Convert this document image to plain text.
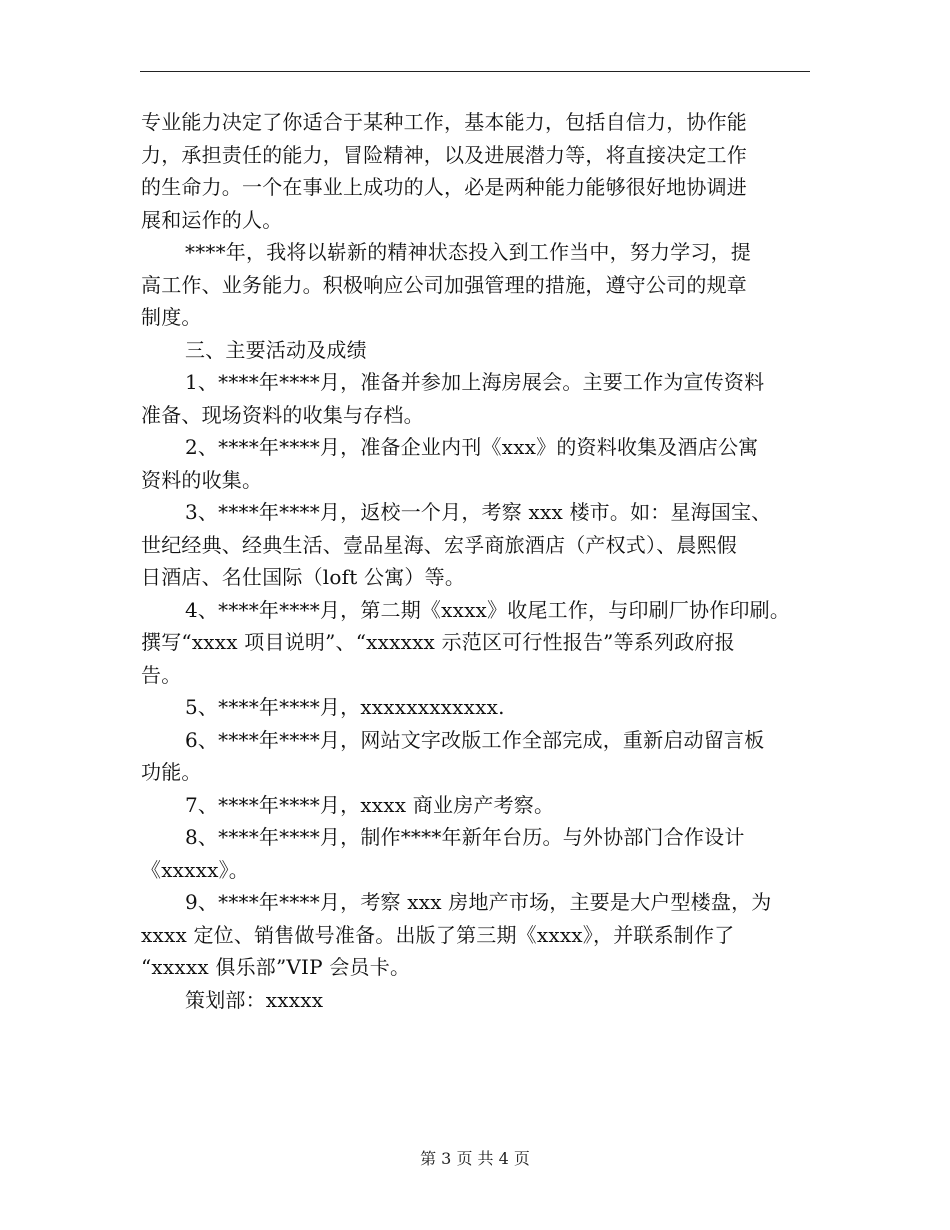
专业能力决定了你适合于某种工作，基本能力，包括自信力，协作能
力，承担责任的能力，冒险精神，以及进展潜力等，将直接决定工作
的生命力。一个在事业上成功的人，必是两种能力能够很好地协调进
展和运作的人。
****年，我将以崭新的精神状态投入到工作当中，努力学习，提
高工作、业务能力。积极响应公司加强管理的措施，遵守公司的规章
制度。
三、主要活动及成绩
1、****年****月，准备并参加上海房展会。主要工作为宣传资料
准备、现场资料的收集与存档。
2、****年****月，准备企业内刊《xxx》的资料收集及酒店公寓
资料的收集。
3、****年****月，返校一个月，考察 xxx 楼市。如：星海国宝、
世纪经典、经典生活、壹品星海、宏孚商旅酒店（产权式）、晨熙假
日酒店、名仕国际（loft 公寓）等。
4、****年****月，第二期《xxxx》收尾工作，与印刷厂协作印刷。
撰写“xxxx 项目说明”、“xxxxxx 示范区可行性报告”等系列政府报
告。
5、****年****月，xxxxxxxxxxxx.
6、****年****月，网站文字改版工作全部完成，重新启动留言板
功能。
7、****年****月，xxxx 商业房产考察。
8、****年****月，制作****年新年台历。与外协部门合作设计
《xxxxx》。
9、****年****月，考察 xxx 房地产市场，主要是大户型楼盘，为
xxxx 定位、销售做号准备。出版了第三期《xxxx》，并联系制作了
“xxxxx 俱乐部”VIP 会员卡。
策划部：xxxxx
第 3 页 共 4 页
